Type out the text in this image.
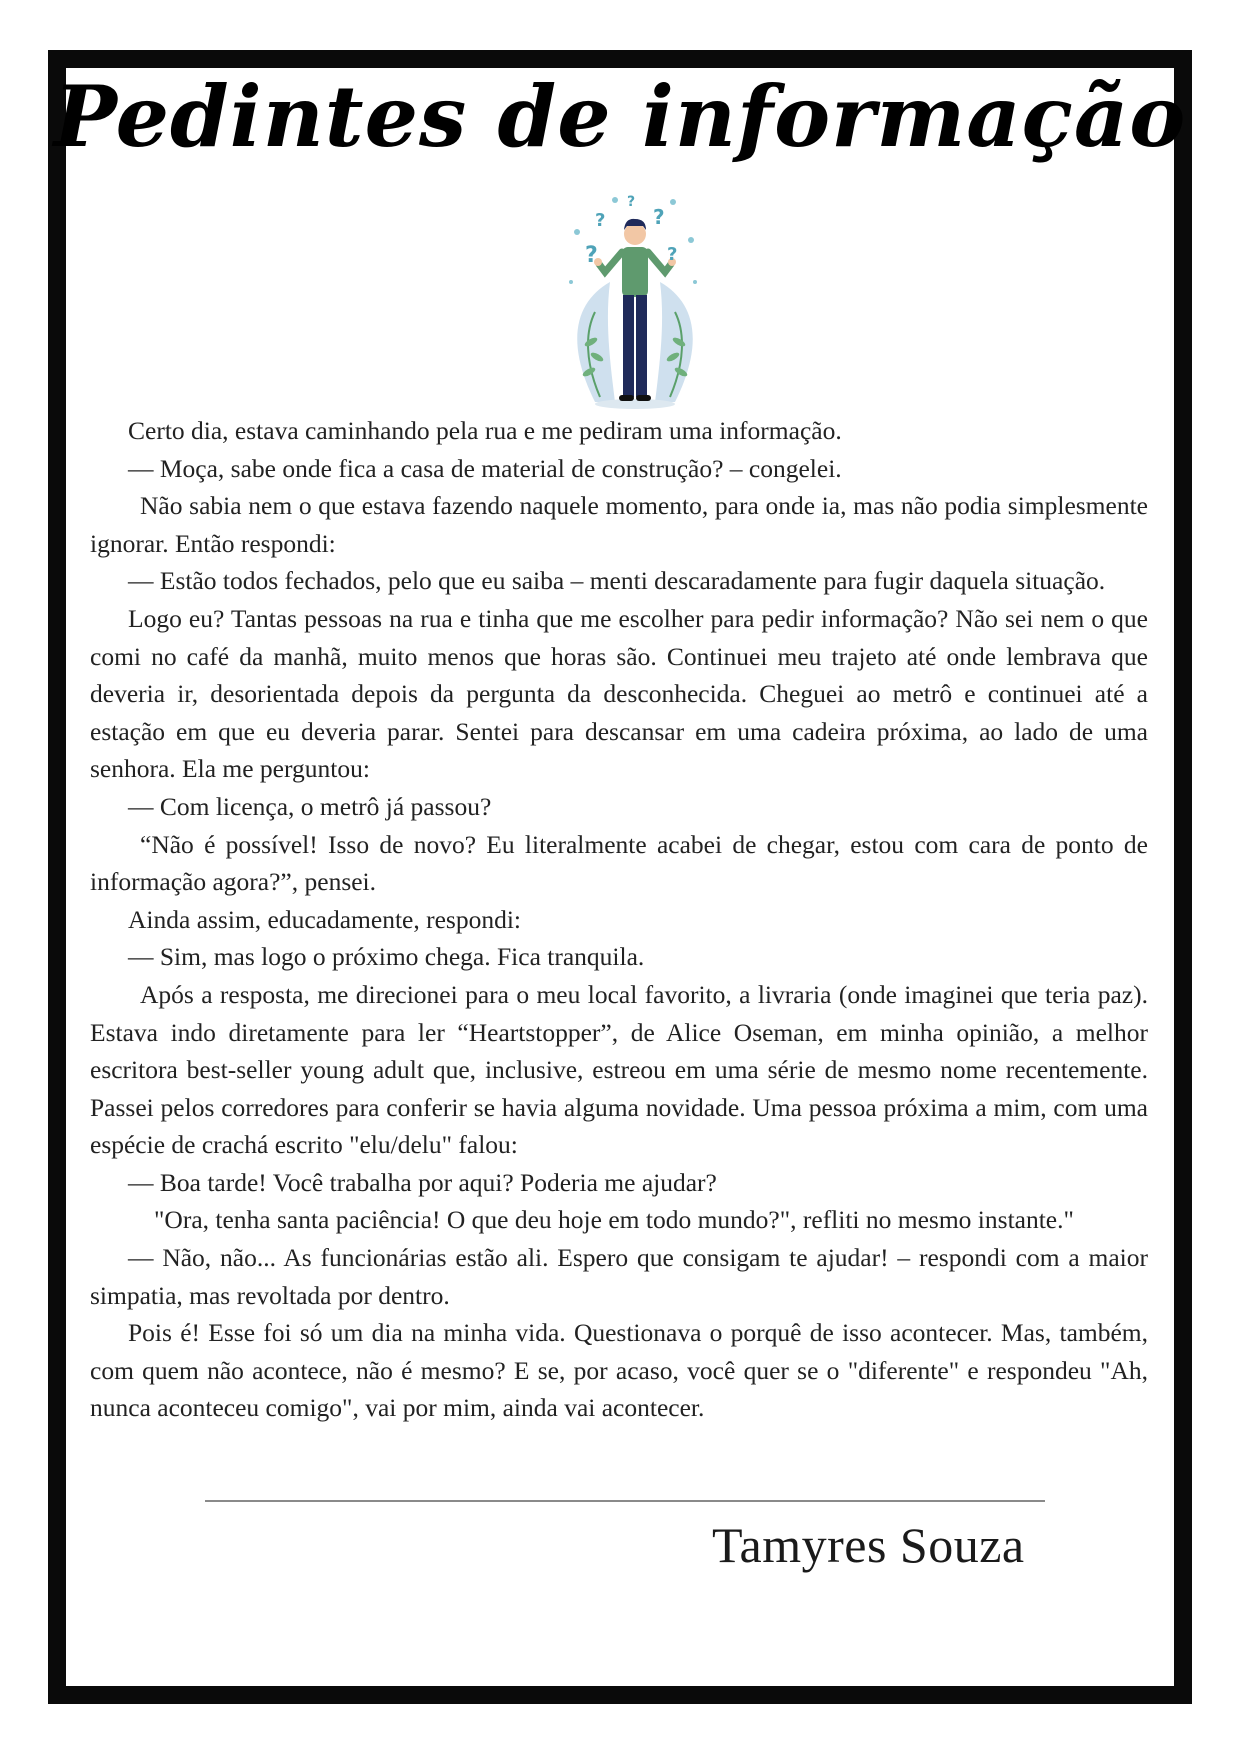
Pedintes de informação
?
?
?
?
?

Certo dia, estava caminhando pela rua e me pediram uma informação.

— Moça, sabe onde fica a casa de material de construção? – congelei.

Não sabia nem o que estava fazendo naquele momento, para onde ia, mas não podia simplesmente ignorar. Então respondi:

— Estão todos fechados, pelo que eu saiba – menti descaradamente para fugir daquela situação.

Logo eu? Tantas pessoas na rua e tinha que me escolher para pedir informação? Não sei nem o que comi no café da manhã, muito menos que horas são. Continuei meu trajeto até onde lembrava que deveria ir, desorientada depois da pergunta da desconhecida. Cheguei ao metrô e continuei até a estação em que eu deveria parar. Sentei para descansar em uma cadeira próxima, ao lado de uma senhora. Ela me perguntou:

— Com licença, o metrô já passou?

“Não é possível! Isso de novo? Eu literalmente acabei de chegar, estou com cara de ponto de informação agora?”, pensei.

Ainda assim, educadamente, respondi:

— Sim, mas logo o próximo chega. Fica tranquila.

Após a resposta, me direcionei para o meu local favorito, a livraria (onde imaginei que teria paz). Estava indo diretamente para ler “Heartstopper”, de Alice Oseman, em minha opinião, a melhor escritora best-seller young adult que, inclusive, estreou em uma série de mesmo nome recentemente. Passei pelos corredores para conferir se havia alguma novidade. Uma pessoa próxima a mim, com uma espécie de crachá escrito "elu/delu" falou:

— Boa tarde! Você trabalha por aqui? Poderia me ajudar?

"Ora, tenha santa paciência! O que deu hoje em todo mundo?", refliti no mesmo instante."

— Não, não... As funcionárias estão ali. Espero que consigam te ajudar! – respondi com a maior simpatia, mas revoltada por dentro.

Pois é! Esse foi só um dia na minha vida. Questionava o porquê de isso acontecer. Mas, também, com quem não acontece, não é mesmo? E se, por acaso, você quer se o "diferente" e respondeu "Ah, nunca aconteceu comigo", vai por mim, ainda vai acontecer.

Tamyres Souza
